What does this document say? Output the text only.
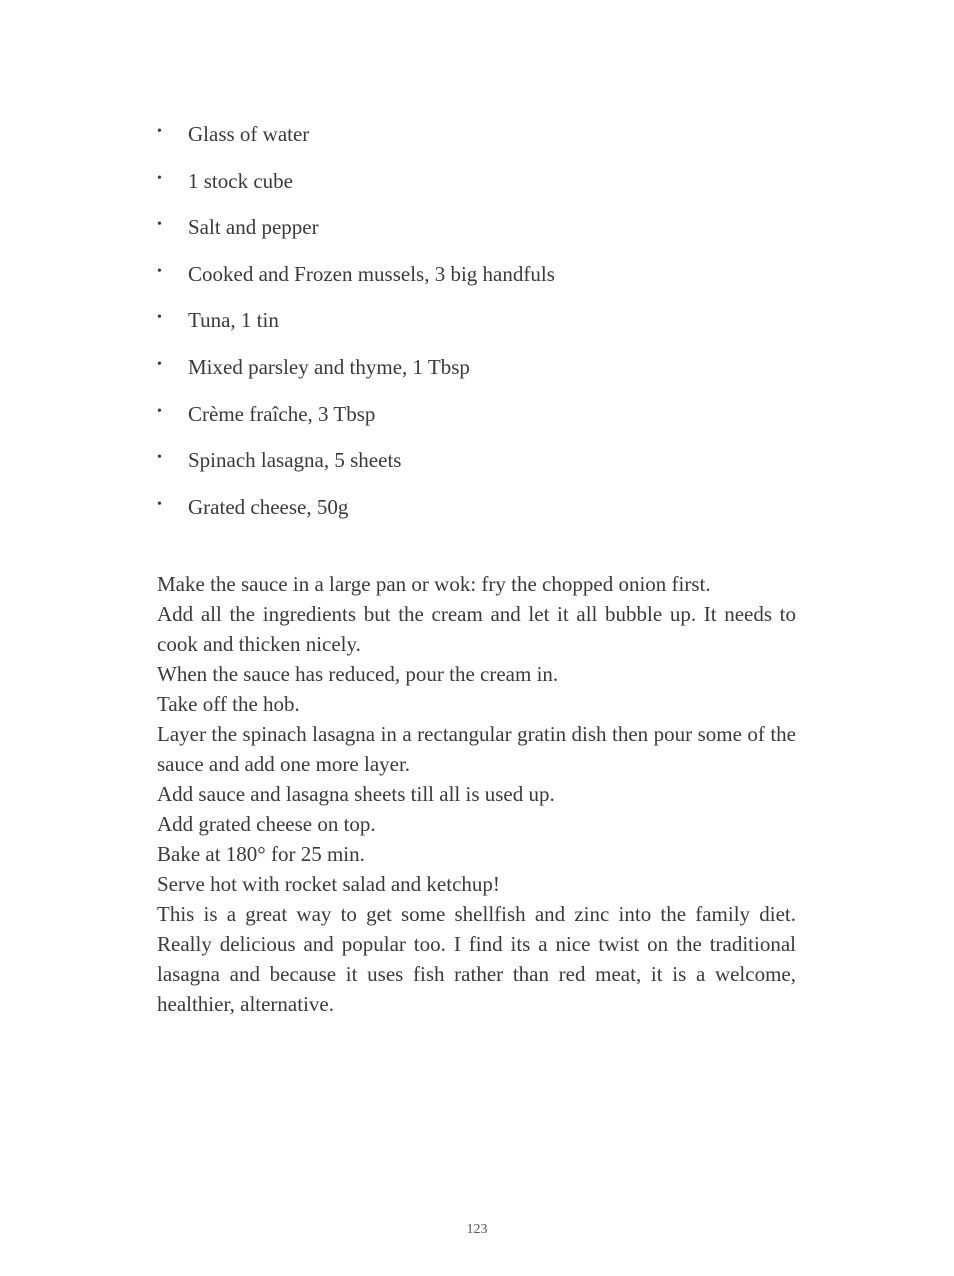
• Glass of water
• 1 stock cube
• Salt and pepper
• Cooked and Frozen mussels, 3 big handfuls
• Tuna, 1 tin
• Mixed parsley and thyme, 1 Tbsp
• Crème fraîche, 3 Tbsp
• Spinach lasagna, 5 sheets
• Grated cheese, 50g

Make the sauce in a large pan or wok: fry the chopped onion first.

Add all the ingredients but the cream and let it all bubble up. It needs to cook and thicken nicely.

When the sauce has reduced, pour the cream in.

Take off the hob.

Layer the spinach lasagna in a rectangular gratin dish then pour some of the sauce and add one more layer.

Add sauce and lasagna sheets till all is used up.

Add grated cheese on top.

Bake at 180° for 25 min.

Serve hot with rocket salad and ketchup!

This is a great way to get some shellfish and zinc into the family diet. Really delicious and popular too. I find its a nice twist on the traditional lasagna and because it uses fish rather than red meat, it is a welcome, healthier, alternative.

123
